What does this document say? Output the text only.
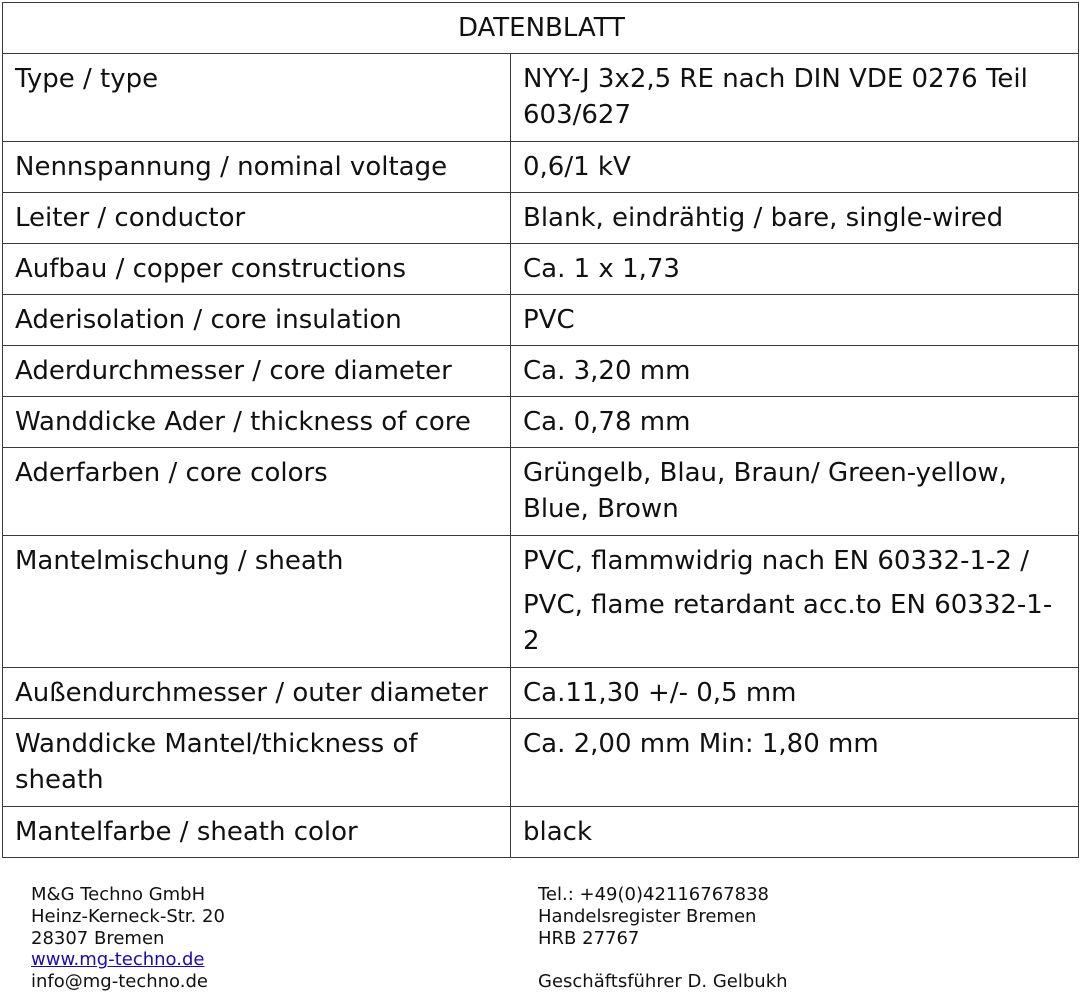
DATENBLATT	
Type / type	NYY-J 3x2,5 RE nach DIN VDE 0276 Teil 603/627
Nennspannung / nominal voltage	0,6/1 kV
Leiter / conductor	Blank, eindrähtig / bare, single-wired
Aufbau / copper constructions	Ca. 1 x 1,73
Aderisolation / core insulation	PVC
Aderdurchmesser / core diameter	Ca. 3,20 mm
Wanddicke Ader / thickness of core	Ca. 0,78 mm
Aderfarben / core colors	Grüngelb, Blau, Braun/ Green-yellow, Blue, Brown
Mantelmischung / sheath	PVC, flammwidrig nach EN 60332-1-2 /
PVC, flame retardant acc.to EN 60332-1-2

Außendurchmesser / outer diameter	Ca.11,30 +/- 0,5 mm
Wanddicke Mantel/thickness of sheath	Ca. 2,00 mm Min: 1,80 mm
Mantelfarbe / sheath color	black
M&G Techno GmbH
Heinz-Kerneck-Str. 20
28307 Bremen
www.mg-techno.de
info@mg-techno.de
Tel.: +49(0)42116767838
Handelsregister Bremen
HRB 27767
Geschäftsführer D. Gelbukh
